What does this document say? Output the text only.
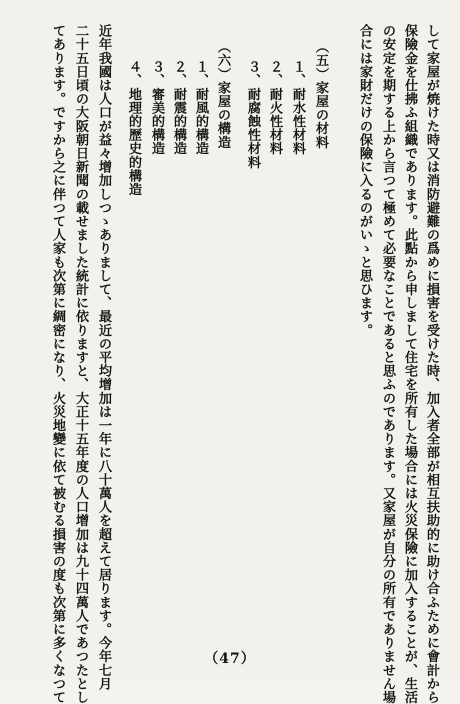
して家屋が焼けた時又は消防避難の爲めに損害を受けた時、加入者全部が相互扶助的に助け合ふために會計から
保險金を仕拂ふ組織であります。此點から申しまして住宅を所有した場合には火災保險に加入することが、生活
の安定を期する上から言つて極めて必要なことであると思ふのであります。又家屋が自分の所有でありません場
合には家財だけの保險に入るのがいゝと思ひます。
（五）家屋の材料
１、耐水性材料
２、耐火性材料
３、耐腐蝕性材料
（六）家屋の構造
１、耐風的構造
２、耐震的構造
３、審美的構造
４、地理的歷史的構造
近年我國は人口が益々增加しつゝありまして、最近の平均增加は一年に八十萬人を超えて居ります。今年七月
二十五日頃の大阪朝日新聞の載せました統計に依りますと、大正十五年度の人口增加は九十四萬人であつたとし
てあります。ですから之に伴つて人家も次第に綢密になり、火災地變に依て被むる損害の度も次第に多くなつて	（47）
